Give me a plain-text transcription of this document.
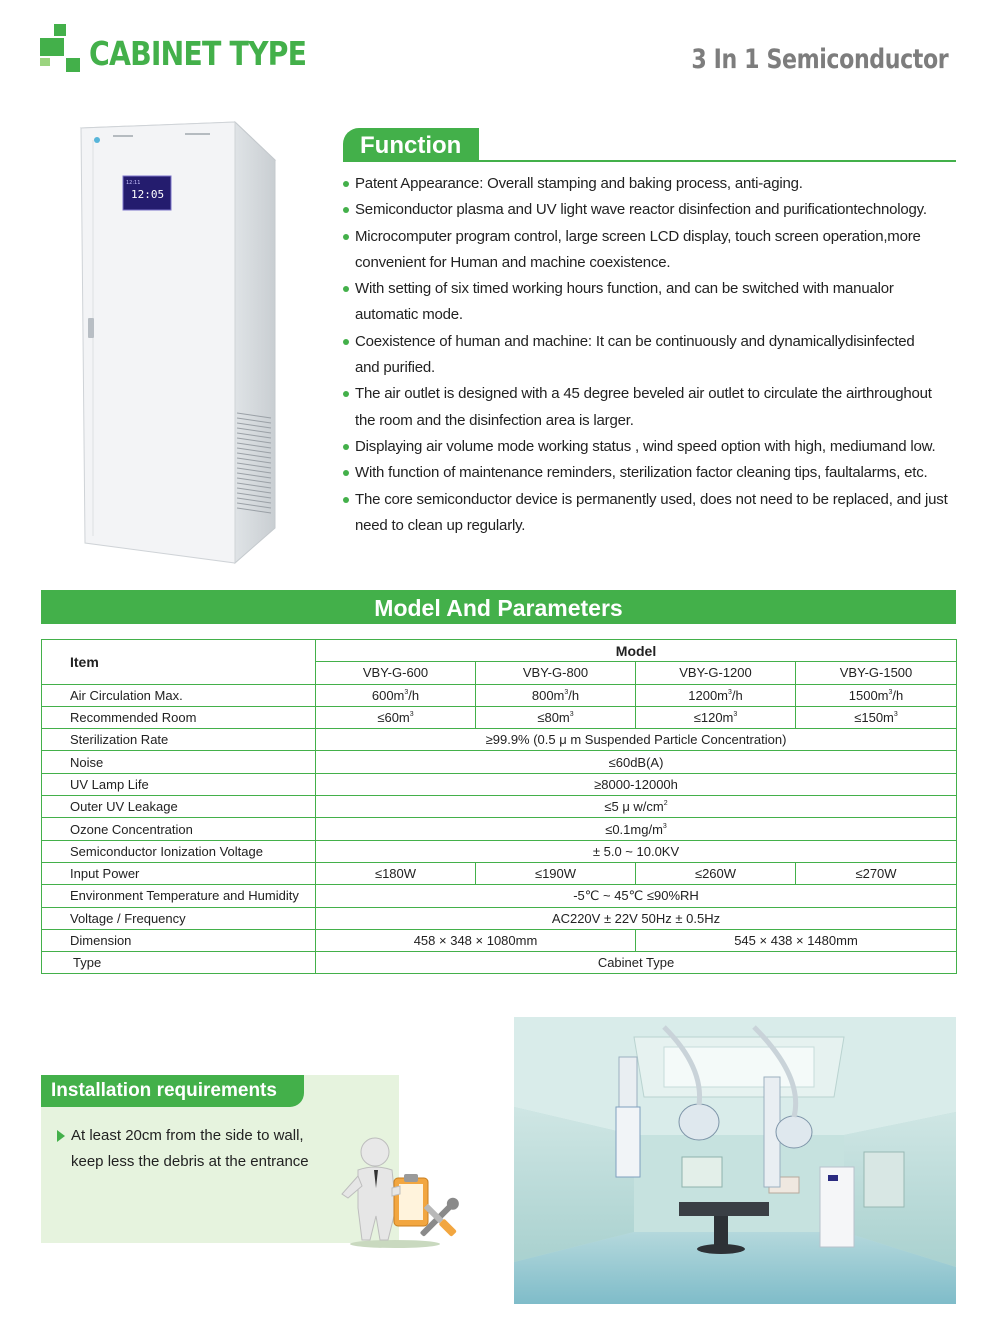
CABINET TYPE	3 In 1 Semiconductor
12:05
12:11
Function
Patent Appearance: Overall stamping and baking process, anti-aging.
Semiconductor plasma and UV light wave reactor disinfection and purificationtechnology.
Microcomputer program control, large screen LCD display, touch screen operation,more
convenient for Human and machine coexistence.
With setting of six timed working hours function, and can be switched with manualor
automatic mode.
Coexistence of human and machine: It can be continuously and dynamicallydisinfected
and purified.
The air outlet is designed with a 45 degree beveled air outlet to circulate the airthroughout
the room and the disinfection area is larger.
Displaying air volume mode working status , wind speed option with high, mediumand low.
With function of maintenance reminders, sterilization factor cleaning tips, faultalarms, etc.
The core semiconductor device is permanently used, does not need to be replaced, and just
need to clean up regularly.
Model And Parameters
Item	Model			
	VBY-G-600	VBY-G-800	VBY-G-1200	VBY-G-1500
Air Circulation Max.	$600m^3/h$	$800m^3/h$	$1200m^3/h$	$1500m^3/h$
Recommended Room	$\le 60m^3$	$\le 80m^3$	$\le 120m^3$	$\le 150m^3$
Sterilization Rate	≥99.9% (0.5 μ m Suspended Particle Concentration)			
Noise	≤60dB(A)			
UV Lamp Life	≥8000-12000h			
Outer UV Leakage	≤5 μ $w/cm^2$
Ozone Concentration	$\le 0.1mg/m^3$
Semiconductor Ionization Voltage	± 5.0 ~ 10.0KV			
Input Power	≤180W	≤190W	≤260W	≤270W
Environment Temperature and Humidity	-5℃ ~ 45℃ ≤90%RH			
Voltage / Frequency	AC220V ± 22V 50Hz ± 0.5Hz			
Dimension	458 × 348 × 1080mm		545 × 438 × 1480mm	
Type	Cabinet Type			
Installation requirements
At least 20cm from the side to wall,
keep less the debris at the entrance
